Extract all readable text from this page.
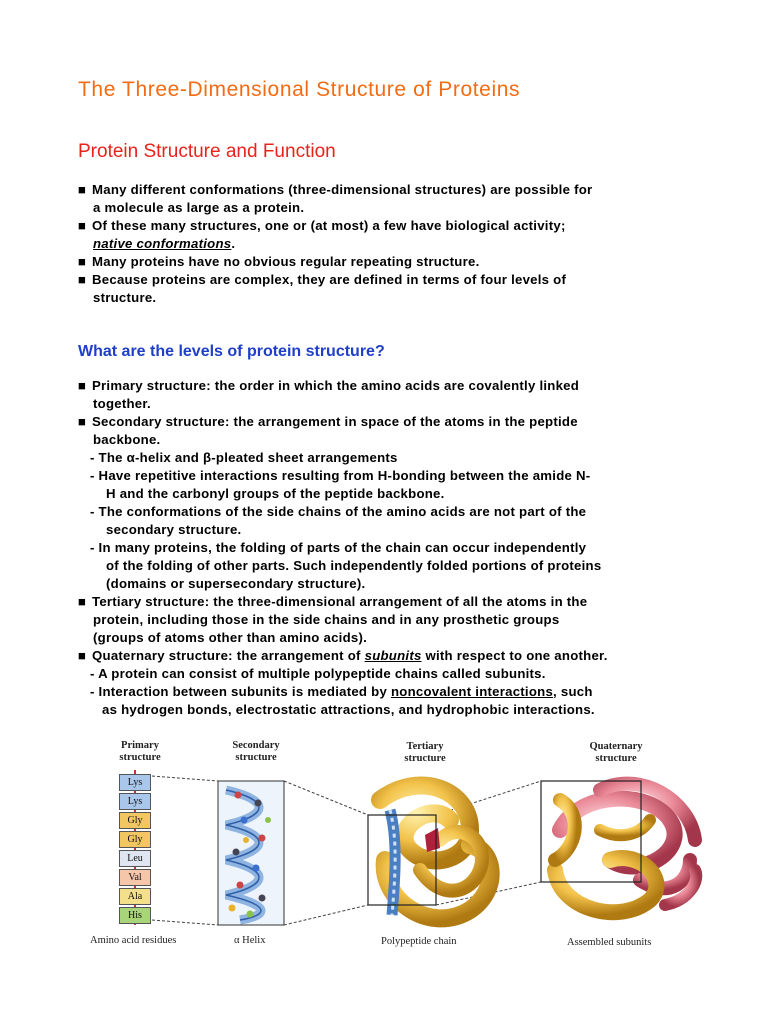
The Three-Dimensional Structure of Proteins
Protein Structure and Function
■ Many different conformations (three-dimensional structures) are possible for
a molecule as large as a protein.
■ Of these many structures, one or (at most) a few have biological activity;
native conformations.
■ Many proteins have no obvious regular repeating structure.
■ Because proteins are complex, they are defined in terms of four levels of
structure.
What are the levels of protein structure?
■ Primary structure: the order in which the amino acids are covalently linked
together.
■ Secondary structure: the arrangement in space of the atoms in the peptide
backbone.
- The α-helix and β-pleated sheet arrangements
- Have repetitive interactions resulting from H-bonding between the amide N-
H and the carbonyl groups of the peptide backbone.
- The conformations of the side chains of the amino acids are not part of the
secondary structure.
- In many proteins, the folding of parts of the chain can occur independently
of the folding of other parts. Such independently folded portions of proteins
(domains or supersecondary structure).
■ Tertiary structure: the three-dimensional arrangement of all the atoms in the
protein, including those in the side chains and in any prosthetic groups
(groups of atoms other than amino acids).
■ Quaternary structure: the arrangement of subunits with respect to one another.
- A protein can consist of multiple polypeptide chains called subunits.
- Interaction between subunits is mediated by noncovalent interactions, such
as hydrogen bonds, electrostatic attractions, and hydrophobic interactions.
Primary structure
Secondary structure
Tertiary structure
Quaternary structure
Lys
Lys
Gly
Gly
Leu
Val
Ala
His
Amino acid residues	α Helix	Polypeptide chain	Assembled subunits
